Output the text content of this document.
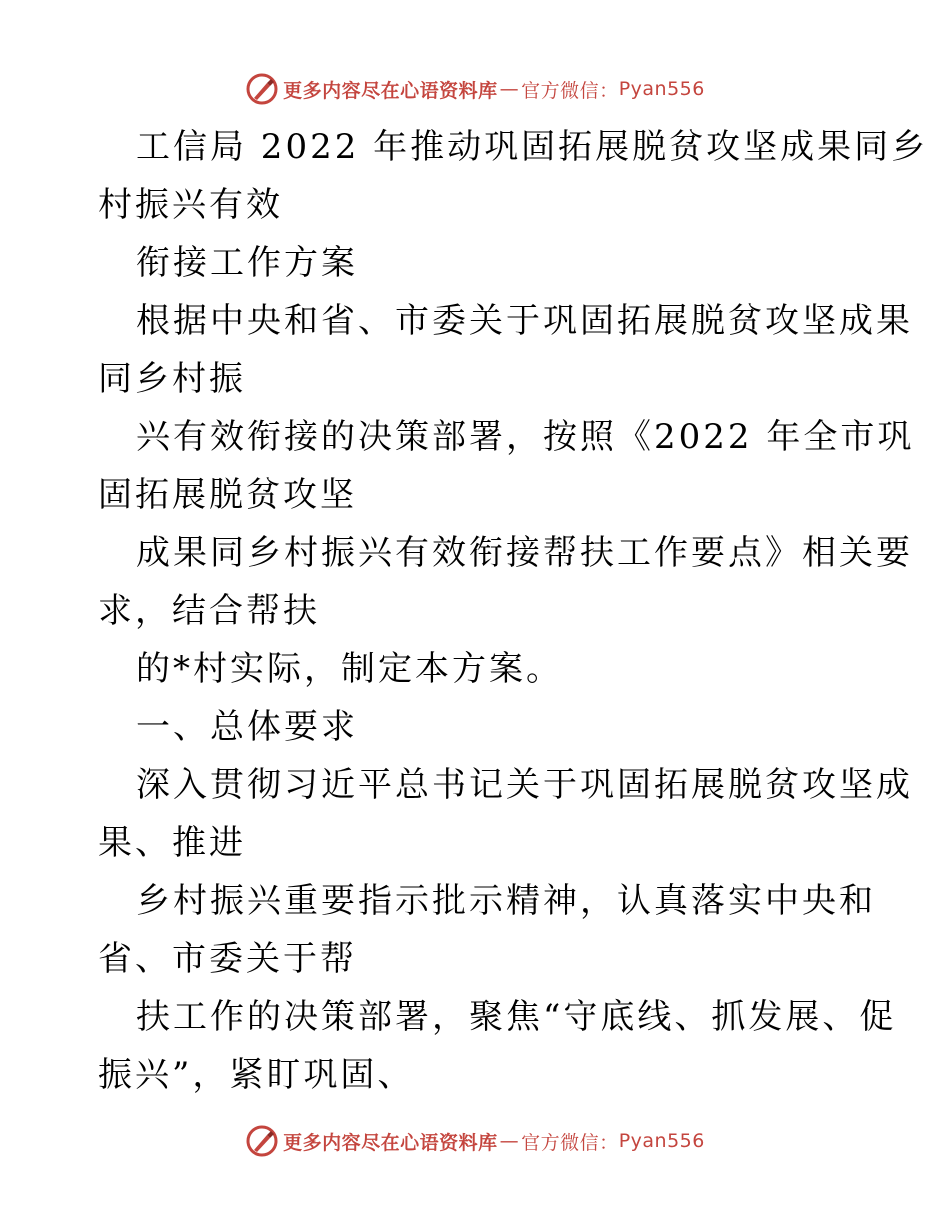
更多内容尽在心语资料库 — 官方微信： Pyan556
工信局 2022 年推动巩固拓展脱贫攻坚成果同乡
村振兴有效
衔接工作方案
根据中央和省、市委关于巩固拓展脱贫攻坚成果
同乡村振
兴有效衔接的决策部署，按照《2022 年全市巩
固拓展脱贫攻坚
成果同乡村振兴有效衔接帮扶工作要点》相关要
求，结合帮扶
的*村实际，制定本方案。
一、总体要求
深入贯彻习近平总书记关于巩固拓展脱贫攻坚成
果、推进
乡村振兴重要指示批示精神，认真落实中央和
省、市委关于帮
扶工作的决策部署，聚焦“守底线、抓发展、促
振兴”，紧盯巩固、
更多内容尽在心语资料库 — 官方微信： Pyan556
